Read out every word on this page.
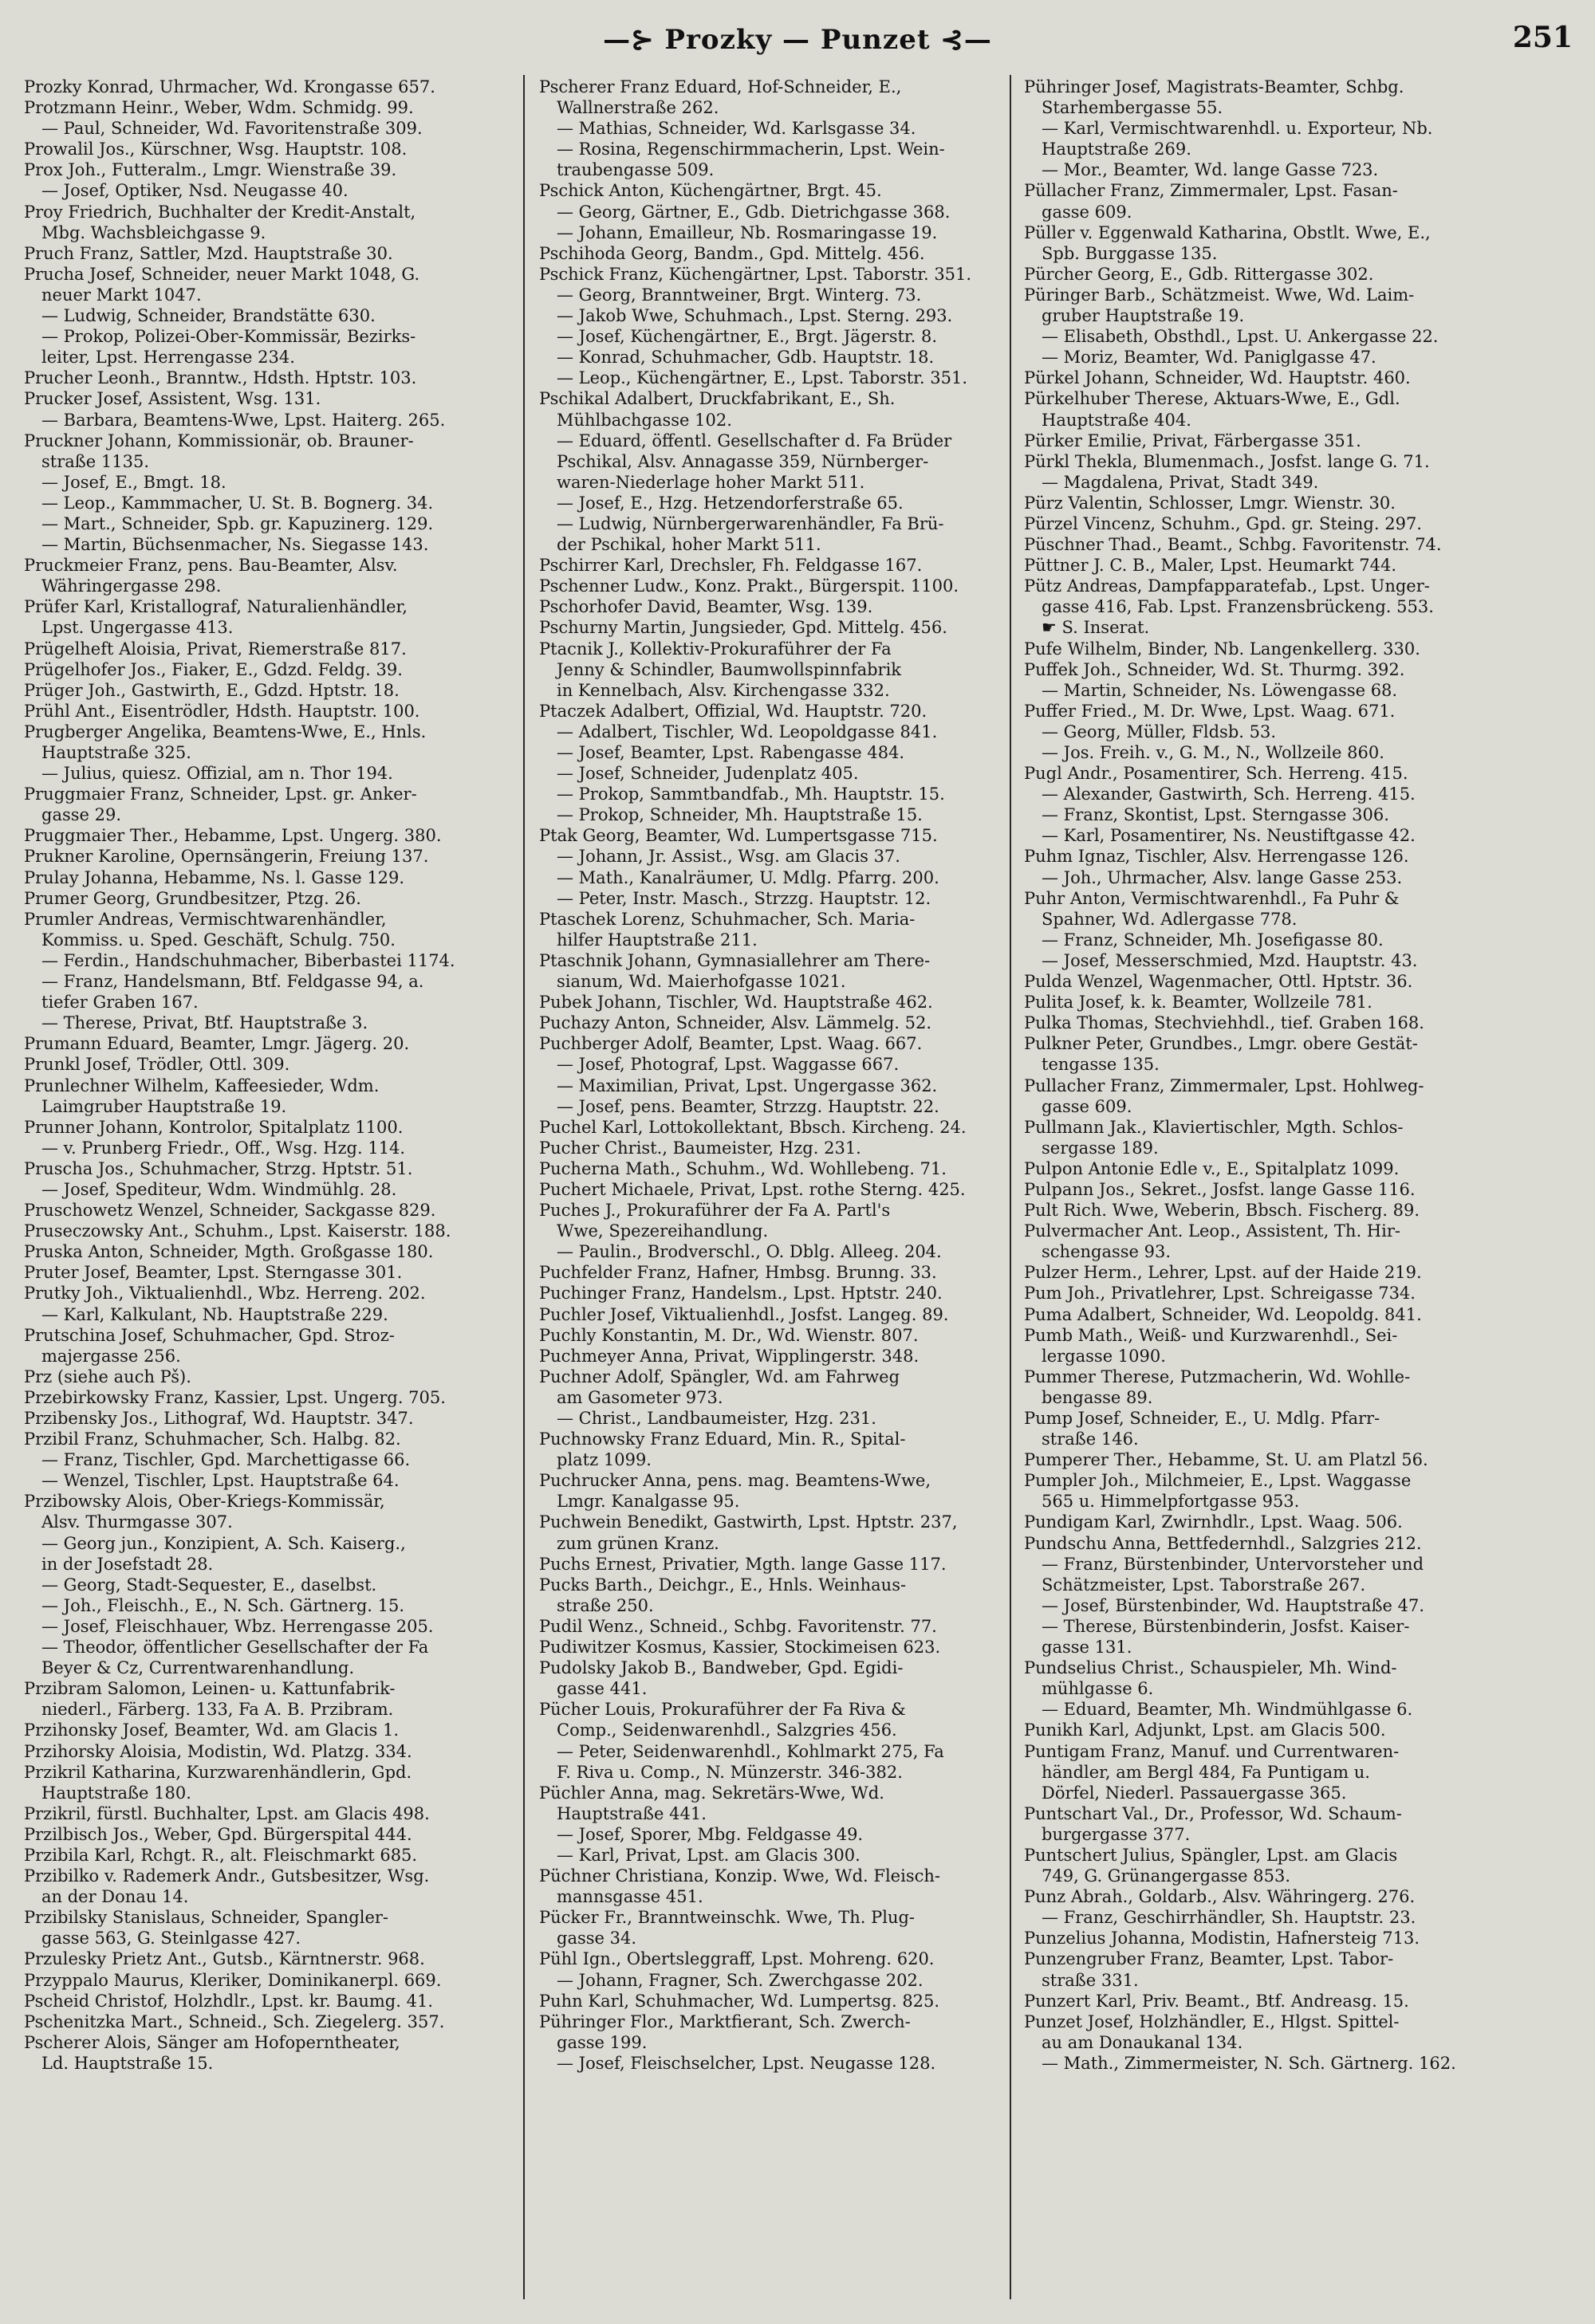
—⊱ Prozky — Punzet ⊰—	251

Prozky Konrad, Uhrmacher, Wd. Krongasse 657.

Protzmann Heinr., Weber, Wdm. Schmidg. 99.

— Paul, Schneider, Wd. Favoritenstraße 309.

Prowalil Jos., Kürschner, Wsg. Hauptstr. 108.

Prox Joh., Futteralm., Lmgr. Wienstraße 39.

— Josef, Optiker, Nsd. Neugasse 40.

Proy Friedrich, Buchhalter der Kredit-Anstalt,

Mbg. Wachsbleichgasse 9.

Pruch Franz, Sattler, Mzd. Hauptstraße 30.

Prucha Josef, Schneider, neuer Markt 1048, G.

neuer Markt 1047.

— Ludwig, Schneider, Brandstätte 630.

— Prokop, Polizei-Ober-Kommissär, Bezirks-

leiter, Lpst. Herrengasse 234.

Prucher Leonh., Branntw., Hdsth. Hptstr. 103.

Prucker Josef, Assistent, Wsg. 131.

— Barbara, Beamtens-Wwe, Lpst. Haiterg. 265.

Pruckner Johann, Kommissionär, ob. Brauner-

straße 1135.

— Josef, E., Bmgt. 18.

— Leop., Kammmacher, U. St. B. Bognerg. 34.

— Mart., Schneider, Spb. gr. Kapuzinerg. 129.

— Martin, Büchsenmacher, Ns. Siegasse 143.

Pruckmeier Franz, pens. Bau-Beamter, Alsv.

Währingergasse 298.

Prüfer Karl, Kristallograf, Naturalienhändler,

Lpst. Ungergasse 413.

Prügelheft Aloisia, Privat, Riemerstraße 817.

Prügelhofer Jos., Fiaker, E., Gdzd. Feldg. 39.

Prüger Joh., Gastwirth, E., Gdzd. Hptstr. 18.

Prühl Ant., Eisentrödler, Hdsth. Hauptstr. 100.

Prugberger Angelika, Beamtens-Wwe, E., Hnls.

Hauptstraße 325.

— Julius, quiesz. Offizial, am n. Thor 194.

Pruggmaier Franz, Schneider, Lpst. gr. Anker-

gasse 29.

Pruggmaier Ther., Hebamme, Lpst. Ungerg. 380.

Prukner Karoline, Opernsängerin, Freiung 137.

Prulay Johanna, Hebamme, Ns. l. Gasse 129.

Prumer Georg, Grundbesitzer, Ptzg. 26.

Prumler Andreas, Vermischtwarenhändler,

Kommiss. u. Sped. Geschäft, Schulg. 750.

— Ferdin., Handschuhmacher, Biberbastei 1174.

— Franz, Handelsmann, Btf. Feldgasse 94, a.

tiefer Graben 167.

— Therese, Privat, Btf. Hauptstraße 3.

Prumann Eduard, Beamter, Lmgr. Jägerg. 20.

Prunkl Josef, Trödler, Ottl. 309.

Prunlechner Wilhelm, Kaffeesieder, Wdm.

Laimgruber Hauptstraße 19.

Prunner Johann, Kontrolor, Spitalplatz 1100.

— v. Prunberg Friedr., Off., Wsg. Hzg. 114.

Pruscha Jos., Schuhmacher, Strzg. Hptstr. 51.

— Josef, Spediteur, Wdm. Windmühlg. 28.

Pruschowetz Wenzel, Schneider, Sackgasse 829.

Pruseczowsky Ant., Schuhm., Lpst. Kaiserstr. 188.

Pruska Anton, Schneider, Mgth. Großgasse 180.

Pruter Josef, Beamter, Lpst. Sterngasse 301.

Prutky Joh., Viktualienhdl., Wbz. Herreng. 202.

— Karl, Kalkulant, Nb. Hauptstraße 229.

Prutschina Josef, Schuhmacher, Gpd. Stroz-

majergasse 256.

Prz (siehe auch Pš).

Przebirkowsky Franz, Kassier, Lpst. Ungerg. 705.

Przibensky Jos., Lithograf, Wd. Hauptstr. 347.

Przibil Franz, Schuhmacher, Sch. Halbg. 82.

— Franz, Tischler, Gpd. Marchettigasse 66.

— Wenzel, Tischler, Lpst. Hauptstraße 64.

Przibowsky Alois, Ober-Kriegs-Kommissär,

Alsv. Thurmgasse 307.

— Georg jun., Konzipient, A. Sch. Kaiserg.,

in der Josefstadt 28.

— Georg, Stadt-Sequester, E., daselbst.

— Joh., Fleischh., E., N. Sch. Gärtnerg. 15.

— Josef, Fleischhauer, Wbz. Herrengasse 205.

— Theodor, öffentlicher Gesellschafter der Fa

Beyer & Cz, Currentwarenhandlung.

Przibram Salomon, Leinen- u. Kattunfabrik-

niederl., Färberg. 133, Fa A. B. Przibram.

Przihonsky Josef, Beamter, Wd. am Glacis 1.

Przihorsky Aloisia, Modistin, Wd. Platzg. 334.

Przikril Katharina, Kurzwarenhändlerin, Gpd.

Hauptstraße 180.

Przikril, fürstl. Buchhalter, Lpst. am Glacis 498.

Przilbisch Jos., Weber, Gpd. Bürgerspital 444.

Przibila Karl, Rchgt. R., alt. Fleischmarkt 685.

Przibilko v. Rademerk Andr., Gutsbesitzer, Wsg.

an der Donau 14.

Przibilsky Stanislaus, Schneider, Spangler-

gasse 563, G. Steinlgasse 427.

Przulesky Prietz Ant., Gutsb., Kärntnerstr. 968.

Przyppalo Maurus, Kleriker, Dominikanerpl. 669.

Pscheid Christof, Holzhdlr., Lpst. kr. Baumg. 41.

Pschenitzka Mart., Schneid., Sch. Ziegelerg. 357.

Pscherer Alois, Sänger am Hofoperntheater,

Ld. Hauptstraße 15.

Pscherer Franz Eduard, Hof-Schneider, E.,

Wallnerstraße 262.

— Mathias, Schneider, Wd. Karlsgasse 34.

— Rosina, Regenschirmmacherin, Lpst. Wein-

traubengasse 509.

Pschick Anton, Küchengärtner, Brgt. 45.

— Georg, Gärtner, E., Gdb. Dietrichgasse 368.

— Johann, Emailleur, Nb. Rosmaringasse 19.

Pschihoda Georg, Bandm., Gpd. Mittelg. 456.

Pschick Franz, Küchengärtner, Lpst. Taborstr. 351.

— Georg, Branntweiner, Brgt. Winterg. 73.

— Jakob Wwe, Schuhmach., Lpst. Sterng. 293.

— Josef, Küchengärtner, E., Brgt. Jägerstr. 8.

— Konrad, Schuhmacher, Gdb. Hauptstr. 18.

— Leop., Küchengärtner, E., Lpst. Taborstr. 351.

Pschikal Adalbert, Druckfabrikant, E., Sh.

Mühlbachgasse 102.

— Eduard, öffentl. Gesellschafter d. Fa Brüder

Pschikal, Alsv. Annagasse 359, Nürnberger-

waren-Niederlage hoher Markt 511.

— Josef, E., Hzg. Hetzendorferstraße 65.

— Ludwig, Nürnbergerwarenhändler, Fa Brü-

der Pschikal, hoher Markt 511.

Pschirrer Karl, Drechsler, Fh. Feldgasse 167.

Pschenner Ludw., Konz. Prakt., Bürgerspit. 1100.

Pschorhofer David, Beamter, Wsg. 139.

Pschurny Martin, Jungsieder, Gpd. Mittelg. 456.

Ptacnik J., Kollektiv-Prokuraführer der Fa

Jenny & Schindler, Baumwollspinnfabrik

in Kennelbach, Alsv. Kirchengasse 332.

Ptaczek Adalbert, Offizial, Wd. Hauptstr. 720.

— Adalbert, Tischler, Wd. Leopoldgasse 841.

— Josef, Beamter, Lpst. Rabengasse 484.

— Josef, Schneider, Judenplatz 405.

— Prokop, Sammtbandfab., Mh. Hauptstr. 15.

— Prokop, Schneider, Mh. Hauptstraße 15.

Ptak Georg, Beamter, Wd. Lumpertsgasse 715.

— Johann, Jr. Assist., Wsg. am Glacis 37.

— Math., Kanalräumer, U. Mdlg. Pfarrg. 200.

— Peter, Instr. Masch., Strzzg. Hauptstr. 12.

Ptaschek Lorenz, Schuhmacher, Sch. Maria-

hilfer Hauptstraße 211.

Ptaschnik Johann, Gymnasiallehrer am There-

sianum, Wd. Maierhofgasse 1021.

Pubek Johann, Tischler, Wd. Hauptstraße 462.

Puchazy Anton, Schneider, Alsv. Lämmelg. 52.

Puchberger Adolf, Beamter, Lpst. Waag. 667.

— Josef, Photograf, Lpst. Waggasse 667.

— Maximilian, Privat, Lpst. Ungergasse 362.

— Josef, pens. Beamter, Strzzg. Hauptstr. 22.

Puchel Karl, Lottokollektant, Bbsch. Kircheng. 24.

Pucher Christ., Baumeister, Hzg. 231.

Pucherna Math., Schuhm., Wd. Wohllebeng. 71.

Puchert Michaele, Privat, Lpst. rothe Sterng. 425.

Puches J., Prokuraführer der Fa A. Partl's

Wwe, Spezereihandlung.

— Paulin., Brodverschl., O. Dblg. Alleeg. 204.

Puchfelder Franz, Hafner, Hmbsg. Brunng. 33.

Puchinger Franz, Handelsm., Lpst. Hptstr. 240.

Puchler Josef, Viktualienhdl., Josfst. Langeg. 89.

Puchly Konstantin, M. Dr., Wd. Wienstr. 807.

Puchmeyer Anna, Privat, Wipplingerstr. 348.

Puchner Adolf, Spängler, Wd. am Fahrweg

am Gasometer 973.

— Christ., Landbaumeister, Hzg. 231.

Puchnowsky Franz Eduard, Min. R., Spital-

platz 1099.

Puchrucker Anna, pens. mag. Beamtens-Wwe,

Lmgr. Kanalgasse 95.

Puchwein Benedikt, Gastwirth, Lpst. Hptstr. 237,

zum grünen Kranz.

Puchs Ernest, Privatier, Mgth. lange Gasse 117.

Pucks Barth., Deichgr., E., Hnls. Weinhaus-

straße 250.

Pudil Wenz., Schneid., Schbg. Favoritenstr. 77.

Pudiwitzer Kosmus, Kassier, Stockimeisen 623.

Pudolsky Jakob B., Bandweber, Gpd. Egidi-

gasse 441.

Pücher Louis, Prokuraführer der Fa Riva &

Comp., Seidenwarenhdl., Salzgries 456.

— Peter, Seidenwarenhdl., Kohlmarkt 275, Fa

F. Riva u. Comp., N. Münzerstr. 346-382.

Püchler Anna, mag. Sekretärs-Wwe, Wd.

Hauptstraße 441.

— Josef, Sporer, Mbg. Feldgasse 49.

— Karl, Privat, Lpst. am Glacis 300.

Püchner Christiana, Konzip. Wwe, Wd. Fleisch-

mannsgasse 451.

Pücker Fr., Branntweinschk. Wwe, Th. Plug-

gasse 34.

Pühl Ign., Obertsleggraff, Lpst. Mohreng. 620.

— Johann, Fragner, Sch. Zwerchgasse 202.

Puhn Karl, Schuhmacher, Wd. Lumpertsg. 825.

Pühringer Flor., Marktfierant, Sch. Zwerch-

gasse 199.

— Josef, Fleischselcher, Lpst. Neugasse 128.

Pühringer Josef, Magistrats-Beamter, Schbg.

Starhembergasse 55.

— Karl, Vermischtwarenhdl. u. Exporteur, Nb.

Hauptstraße 269.

— Mor., Beamter, Wd. lange Gasse 723.

Püllacher Franz, Zimmermaler, Lpst. Fasan-

gasse 609.

Püller v. Eggenwald Katharina, Obstlt. Wwe, E.,

Spb. Burggasse 135.

Pürcher Georg, E., Gdb. Rittergasse 302.

Püringer Barb., Schätzmeist. Wwe, Wd. Laim-

gruber Hauptstraße 19.

— Elisabeth, Obsthdl., Lpst. U. Ankergasse 22.

— Moriz, Beamter, Wd. Paniglgasse 47.

Pürkel Johann, Schneider, Wd. Hauptstr. 460.

Pürkelhuber Therese, Aktuars-Wwe, E., Gdl.

Hauptstraße 404.

Pürker Emilie, Privat, Färbergasse 351.

Pürkl Thekla, Blumenmach., Josfst. lange G. 71.

— Magdalena, Privat, Stadt 349.

Pürz Valentin, Schlosser, Lmgr. Wienstr. 30.

Pürzel Vincenz, Schuhm., Gpd. gr. Steing. 297.

Püschner Thad., Beamt., Schbg. Favoritenstr. 74.

Püttner J. C. B., Maler, Lpst. Heumarkt 744.

Pütz Andreas, Dampfapparatefab., Lpst. Unger-

gasse 416, Fab. Lpst. Franzensbrückeng. 553.

☛ S. Inserat.

Pufe Wilhelm, Binder, Nb. Langenkellerg. 330.

Puffek Joh., Schneider, Wd. St. Thurmg. 392.

— Martin, Schneider, Ns. Löwengasse 68.

Puffer Fried., M. Dr. Wwe, Lpst. Waag. 671.

— Georg, Müller, Fldsb. 53.

— Jos. Freih. v., G. M., N., Wollzeile 860.

Pugl Andr., Posamentirer, Sch. Herreng. 415.

— Alexander, Gastwirth, Sch. Herreng. 415.

— Franz, Skontist, Lpst. Sterngasse 306.

— Karl, Posamentirer, Ns. Neustiftgasse 42.

Puhm Ignaz, Tischler, Alsv. Herrengasse 126.

— Joh., Uhrmacher, Alsv. lange Gasse 253.

Puhr Anton, Vermischtwarenhdl., Fa Puhr &

Spahner, Wd. Adlergasse 778.

— Franz, Schneider, Mh. Josefigasse 80.

— Josef, Messerschmied, Mzd. Hauptstr. 43.

Pulda Wenzel, Wagenmacher, Ottl. Hptstr. 36.

Pulita Josef, k. k. Beamter, Wollzeile 781.

Pulka Thomas, Stechviehhdl., tief. Graben 168.

Pulkner Peter, Grundbes., Lmgr. obere Gestät-

tengasse 135.

Pullacher Franz, Zimmermaler, Lpst. Hohlweg-

gasse 609.

Pullmann Jak., Klaviertischler, Mgth. Schlos-

sergasse 189.

Pulpon Antonie Edle v., E., Spitalplatz 1099.

Pulpann Jos., Sekret., Josfst. lange Gasse 116.

Pult Rich. Wwe, Weberin, Bbsch. Fischerg. 89.

Pulvermacher Ant. Leop., Assistent, Th. Hir-

schengasse 93.

Pulzer Herm., Lehrer, Lpst. auf der Haide 219.

Pum Joh., Privatlehrer, Lpst. Schreigasse 734.

Puma Adalbert, Schneider, Wd. Leopoldg. 841.

Pumb Math., Weiß- und Kurzwarenhdl., Sei-

lergasse 1090.

Pummer Therese, Putzmacherin, Wd. Wohlle-

bengasse 89.

Pump Josef, Schneider, E., U. Mdlg. Pfarr-

straße 146.

Pumperer Ther., Hebamme, St. U. am Platzl 56.

Pumpler Joh., Milchmeier, E., Lpst. Waggasse

565 u. Himmelpfortgasse 953.

Pundigam Karl, Zwirnhdlr., Lpst. Waag. 506.

Pundschu Anna, Bettfedernhdl., Salzgries 212.

— Franz, Bürstenbinder, Untervorsteher und

Schätzmeister, Lpst. Taborstraße 267.

— Josef, Bürstenbinder, Wd. Hauptstraße 47.

— Therese, Bürstenbinderin, Josfst. Kaiser-

gasse 131.

Pundselius Christ., Schauspieler, Mh. Wind-

mühlgasse 6.

— Eduard, Beamter, Mh. Windmühlgasse 6.

Punikh Karl, Adjunkt, Lpst. am Glacis 500.

Puntigam Franz, Manuf. und Currentwaren-

händler, am Bergl 484, Fa Puntigam u.

Dörfel, Niederl. Passauergasse 365.

Puntschart Val., Dr., Professor, Wd. Schaum-

burgergasse 377.

Puntschert Julius, Spängler, Lpst. am Glacis

749, G. Grünangergasse 853.

Punz Abrah., Goldarb., Alsv. Währingerg. 276.

— Franz, Geschirrhändler, Sh. Hauptstr. 23.

Punzelius Johanna, Modistin, Hafnersteig 713.

Punzengruber Franz, Beamter, Lpst. Tabor-

straße 331.

Punzert Karl, Priv. Beamt., Btf. Andreasg. 15.

Punzet Josef, Holzhändler, E., Hlgst. Spittel-

au am Donaukanal 134.

— Math., Zimmermeister, N. Sch. Gärtnerg. 162.
